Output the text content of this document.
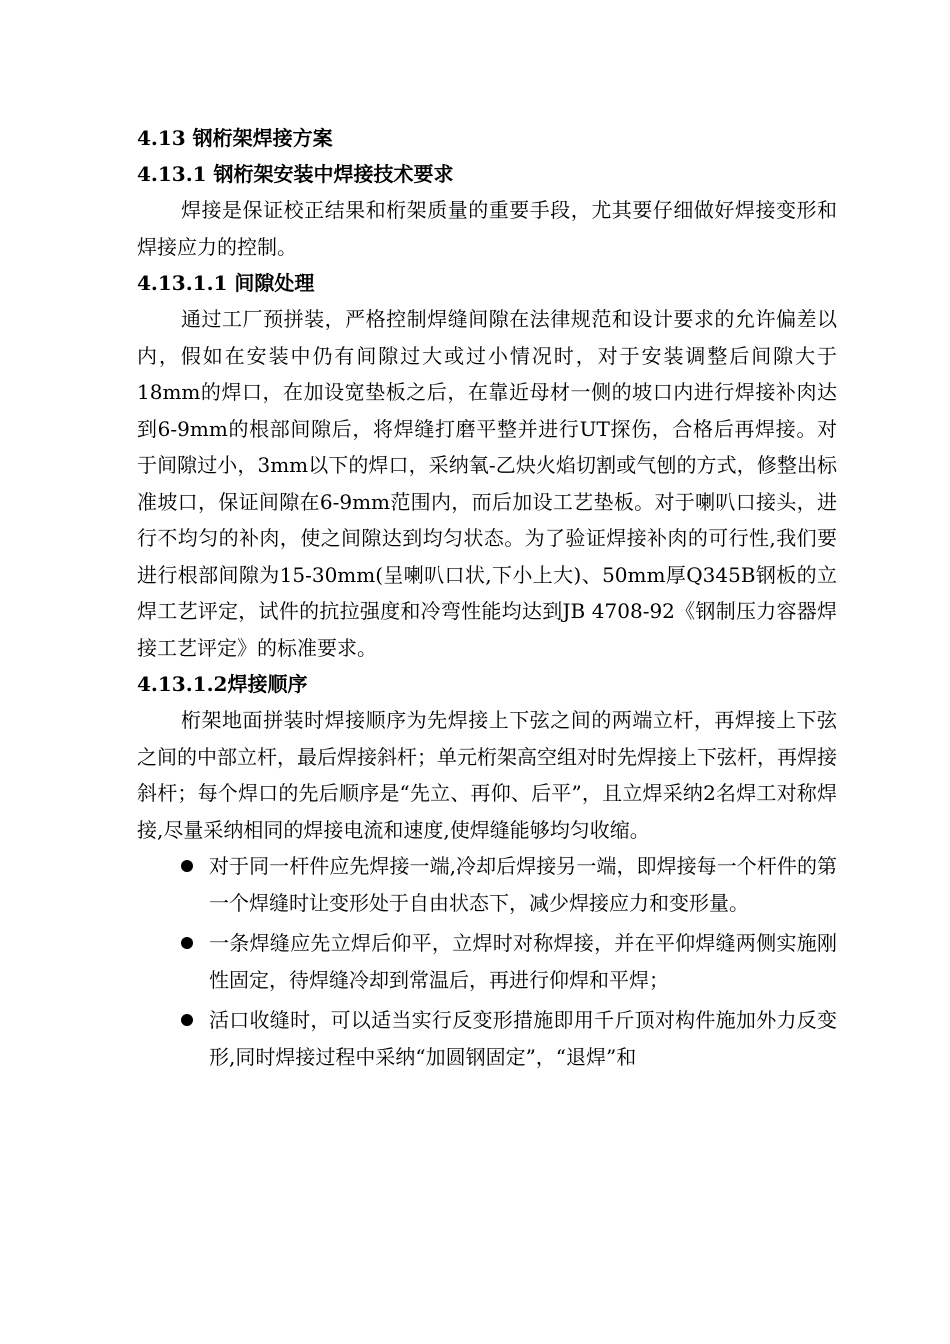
4.13 钢桁架焊接方案
4.13.1 钢桁架安装中焊接技术要求

焊接是保证校正结果和桁架质量的重要手段，尤其要仔细做好焊接变形和焊接应力的控制。

4.13.1.1 间隙处理

通过工厂预拼装，严格控制焊缝间隙在法律规范和设计要求的允许偏差以内，假如在安装中仍有间隙过大或过小情况时，对于安装调整后间隙大于18mm的焊口，在加设宽垫板之后，在靠近母材一侧的坡口内进行焊接补肉达到6-9mm的根部间隙后，将焊缝打磨平整并进行UT探伤，合格后再焊接。对于间隙过小，3mm以下的焊口，采纳氧-乙炔火焰切割或气刨的方式，修整出标准坡口，保证间隙在6-9mm范围内，而后加设工艺垫板。对于喇叭口接头，进行不均匀的补肉，使之间隙达到均匀状态。为了验证焊接补肉的可行性,我们要进行根部间隙为15-30mm(呈喇叭口状,下小上大)、50mm厚Q345B钢板的立焊工艺评定，试件的抗拉强度和冷弯性能均达到JB 4708-92《钢制压力容器焊接工艺评定》的标准要求。

4.13.1.2焊接顺序

桁架地面拼装时焊接顺序为先焊接上下弦之间的两端立杆，再焊接上下弦之间的中部立杆，最后焊接斜杆；单元桁架高空组对时先焊接上下弦杆，再焊接斜杆；每个焊口的先后顺序是“先立、再仰、后平”，且立焊采纳2名焊工对称焊接,尽量采纳相同的焊接电流和速度,使焊缝能够均匀收缩。

对于同一杆件应先焊接一端,冷却后焊接另一端，即焊接每一个杆件的第一个焊缝时让变形处于自由状态下，减少焊接应力和变形量。
一条焊缝应先立焊后仰平，立焊时对称焊接，并在平仰焊缝两侧实施刚性固定，待焊缝冷却到常温后，再进行仰焊和平焊；
活口收缝时，可以适当实行反变形措施即用千斤顶对构件施加外力反变形,同时焊接过程中采纳“加圆钢固定”，“退焊”和
